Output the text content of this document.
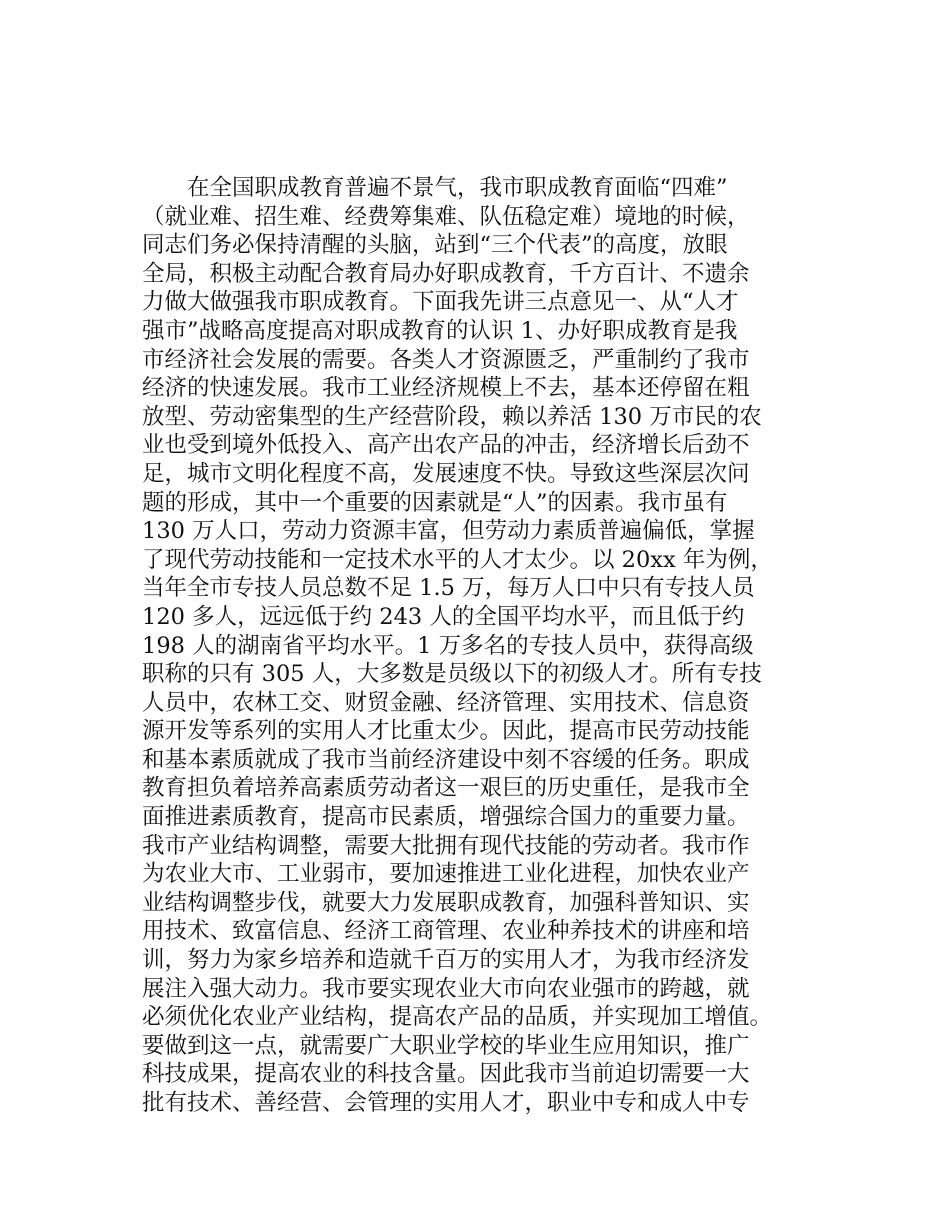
在全国职成教育普遍不景气，我市职成教育面临“四难”
（就业难、招生难、经费筹集难、队伍稳定难）境地的时候，
同志们务必保持清醒的头脑，站到“三个代表”的高度，放眼
全局，积极主动配合教育局办好职成教育，千方百计、不遗余
力做大做强我市职成教育。下面我先讲三点意见一、从“人才
强市”战略高度提高对职成教育的认识 1、办好职成教育是我
市经济社会发展的需要。各类人才资源匮乏，严重制约了我市
经济的快速发展。我市工业经济规模上不去，基本还停留在粗
放型、劳动密集型的生产经营阶段，赖以养活 130 万市民的农
业也受到境外低投入、高产出农产品的冲击，经济增长后劲不
足，城市文明化程度不高，发展速度不快。导致这些深层次问
题的形成，其中一个重要的因素就是“人”的因素。我市虽有
130 万人口，劳动力资源丰富，但劳动力素质普遍偏低，掌握
了现代劳动技能和一定技术水平的人才太少。以 20xx 年为例，
当年全市专技人员总数不足 1.5 万，每万人口中只有专技人员
120 多人，远远低于约 243 人的全国平均水平，而且低于约
198 人的湖南省平均水平。1 万多名的专技人员中，获得高级
职称的只有 305 人，大多数是员级以下的初级人才。所有专技
人员中，农林工交、财贸金融、经济管理、实用技术、信息资
源开发等系列的实用人才比重太少。因此，提高市民劳动技能
和基本素质就成了我市当前经济建设中刻不容缓的任务。职成
教育担负着培养高素质劳动者这一艰巨的历史重任，是我市全
面推进素质教育，提高市民素质，增强综合国力的重要力量。
我市产业结构调整，需要大批拥有现代技能的劳动者。我市作
为农业大市、工业弱市，要加速推进工业化进程，加快农业产
业结构调整步伐，就要大力发展职成教育，加强科普知识、实
用技术、致富信息、经济工商管理、农业种养技术的讲座和培
训，努力为家乡培养和造就千百万的实用人才，为我市经济发
展注入强大动力。我市要实现农业大市向农业强市的跨越，就
必须优化农业产业结构，提高农产品的品质，并实现加工增值。
要做到这一点，就需要广大职业学校的毕业生应用知识，推广
科技成果，提高农业的科技含量。因此我市当前迫切需要一大
批有技术、善经营、会管理的实用人才，职业中专和成人中专
